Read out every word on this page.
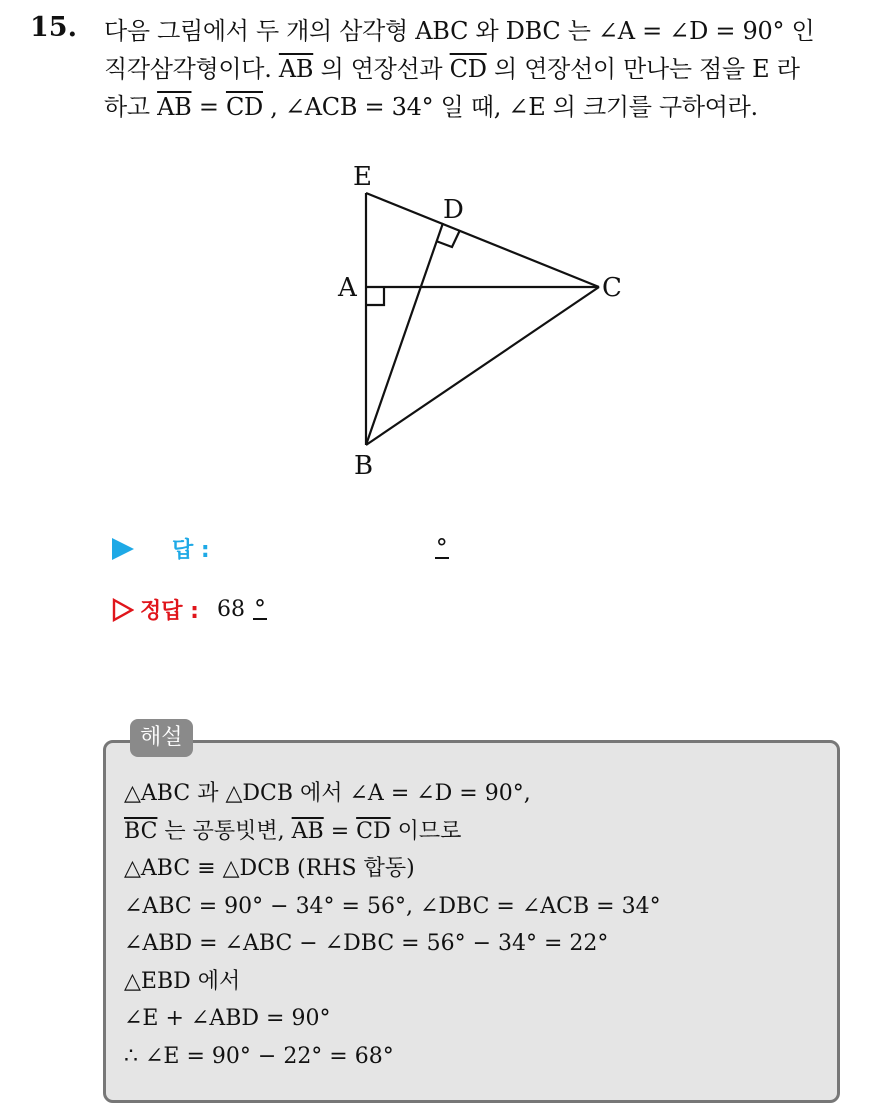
15. 다음 그림에서 두 개의 삼각형 ABC 와 DBC 는 ∠A = ∠D = 90° 인
직각삼각형이다. $\overline{AB}$ 의 연장선과 $\overline{CD}$ 의 연장선이 만나는 점을 E 라
하고 $\overline{AB} = \overline{CD}$ , ∠ACB = 34° 일 때, ∠E 의 크기를 구하여라.
E
D
A	C
B
답 :	°
정답 : 68 °
해설
△ABC 과 △DCB 에서 ∠A = ∠D = 90°,
$\overline{BC}$ 는 공통빗변, $\overline{AB} = \overline{CD}$ 이므로
△ABC ≡ △DCB (RHS 합동)
∠ABC = 90° − 34° = 56°, ∠DBC = ∠ACB = 34°
∠ABD = ∠ABC − ∠DBC = 56° − 34° = 22°
△EBD 에서
∠E + ∠ABD = 90°
∴ ∠E = 90° − 22° = 68°
